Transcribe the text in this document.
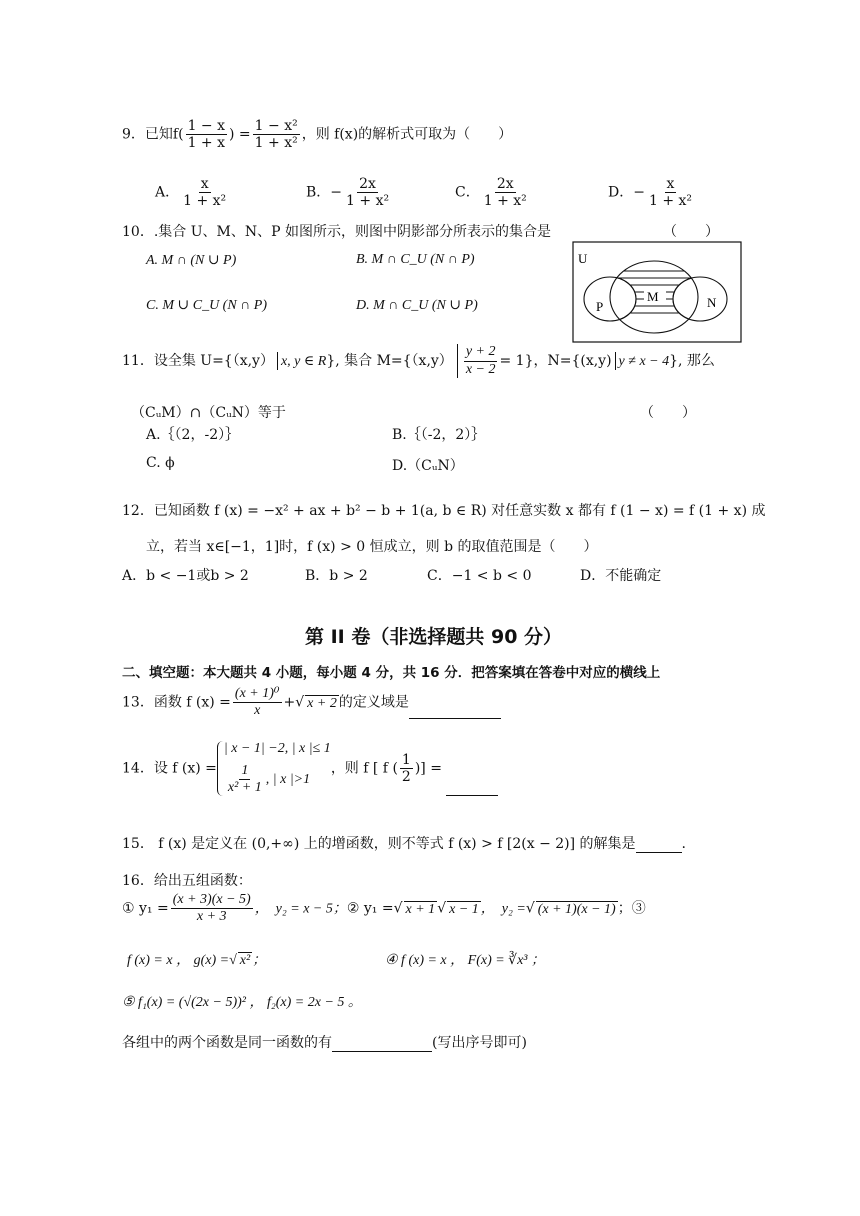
9．已知$f( \frac{1 - x}{1 + x}$ ) = $\frac{\text{1 − x²}}{\text{1 + x²}}$ ，则 f(x)的解析式可取为（　　）
A． $\frac{x}{\text{1 + x²}}$	B．− $\frac{2x}{\text{1 + x²}}$	C． $\frac{2x}{\text{1 + x²}}$	D．− $\frac{x}{\text{1 + x²}}$
10．.集合 U、M、N、P 如图所示，则图中阴影部分所表示的集合是	（　　）
A. M ∩ (N ∪ P)	B. M ∩ C_U (N ∩ P)
C. M ∪ C_U (N ∩ P)	D. M ∩ C_U (N ∪ P)
U
P
M	N
11．设全集 U={（x,y） x, y ∈ R}, 集合 $M=\{(x,y) \frac{y + 2}{x - 2} = 1\}$，N={(x,y) y ≠ x − 4}, 那么
（CᵤM）∩（CᵤN）等于	（　　）
A.｛（2，-2）｝	B.｛（-2，2）｝
C. ϕ	D.（CᵤN）
12．已知函数 f (x) = −x² + ax + b² − b + 1(a, b ∈ R) 对任意实数 x 都有 f (1 − x) = f (1 + x) 成
立，若当 x∈[−1，1]时，f (x) > 0 恒成立，则 b 的取值范围是（　　）
A．b < −1或b > 2	B．b > 2	C．−1 < b < 0	D．不能确定
第 II 卷（非选择题共 90 分）
二、填空题：本大题共 4 小题，每小题 4 分，共 16 分．把答案填在答卷中对应的横线上
13．函数 f $(x) = \frac{\text{(x + 1)⁰}}{x}$ +√ x + 2 的定义域是
14．设 f (x) =
| x − 1| −2, | x |≤ 1
$\frac{1}{\text{x² + 1}}$ , | x |>1
，则 f [ f ( $\frac{1}{2}$ )] =
15． f (x) 是定义在 (0,+∞) 上的增函数，则不等式 f (x) > f [2(x − 2)] 的解集是	.
16．给出五组函数：
① $y_1 = \frac{(x + 3)(x - 5)}{x + 3}$ ，　y₂ = x − 5；② y₁ =√ x + 1 √ x − 1 ，　y₂ =√ (x + 1)(x − 1) ；③
f (x) = x ， g(x) =√ x² ；	④ f (x) = x ， F(x) = ∛x³ ；
⑤ f₁(x) = (√(2x − 5))² ， f₂(x) = 2x − 5 。
各组中的两个函数是同一函数的有	(写出序号即可)
